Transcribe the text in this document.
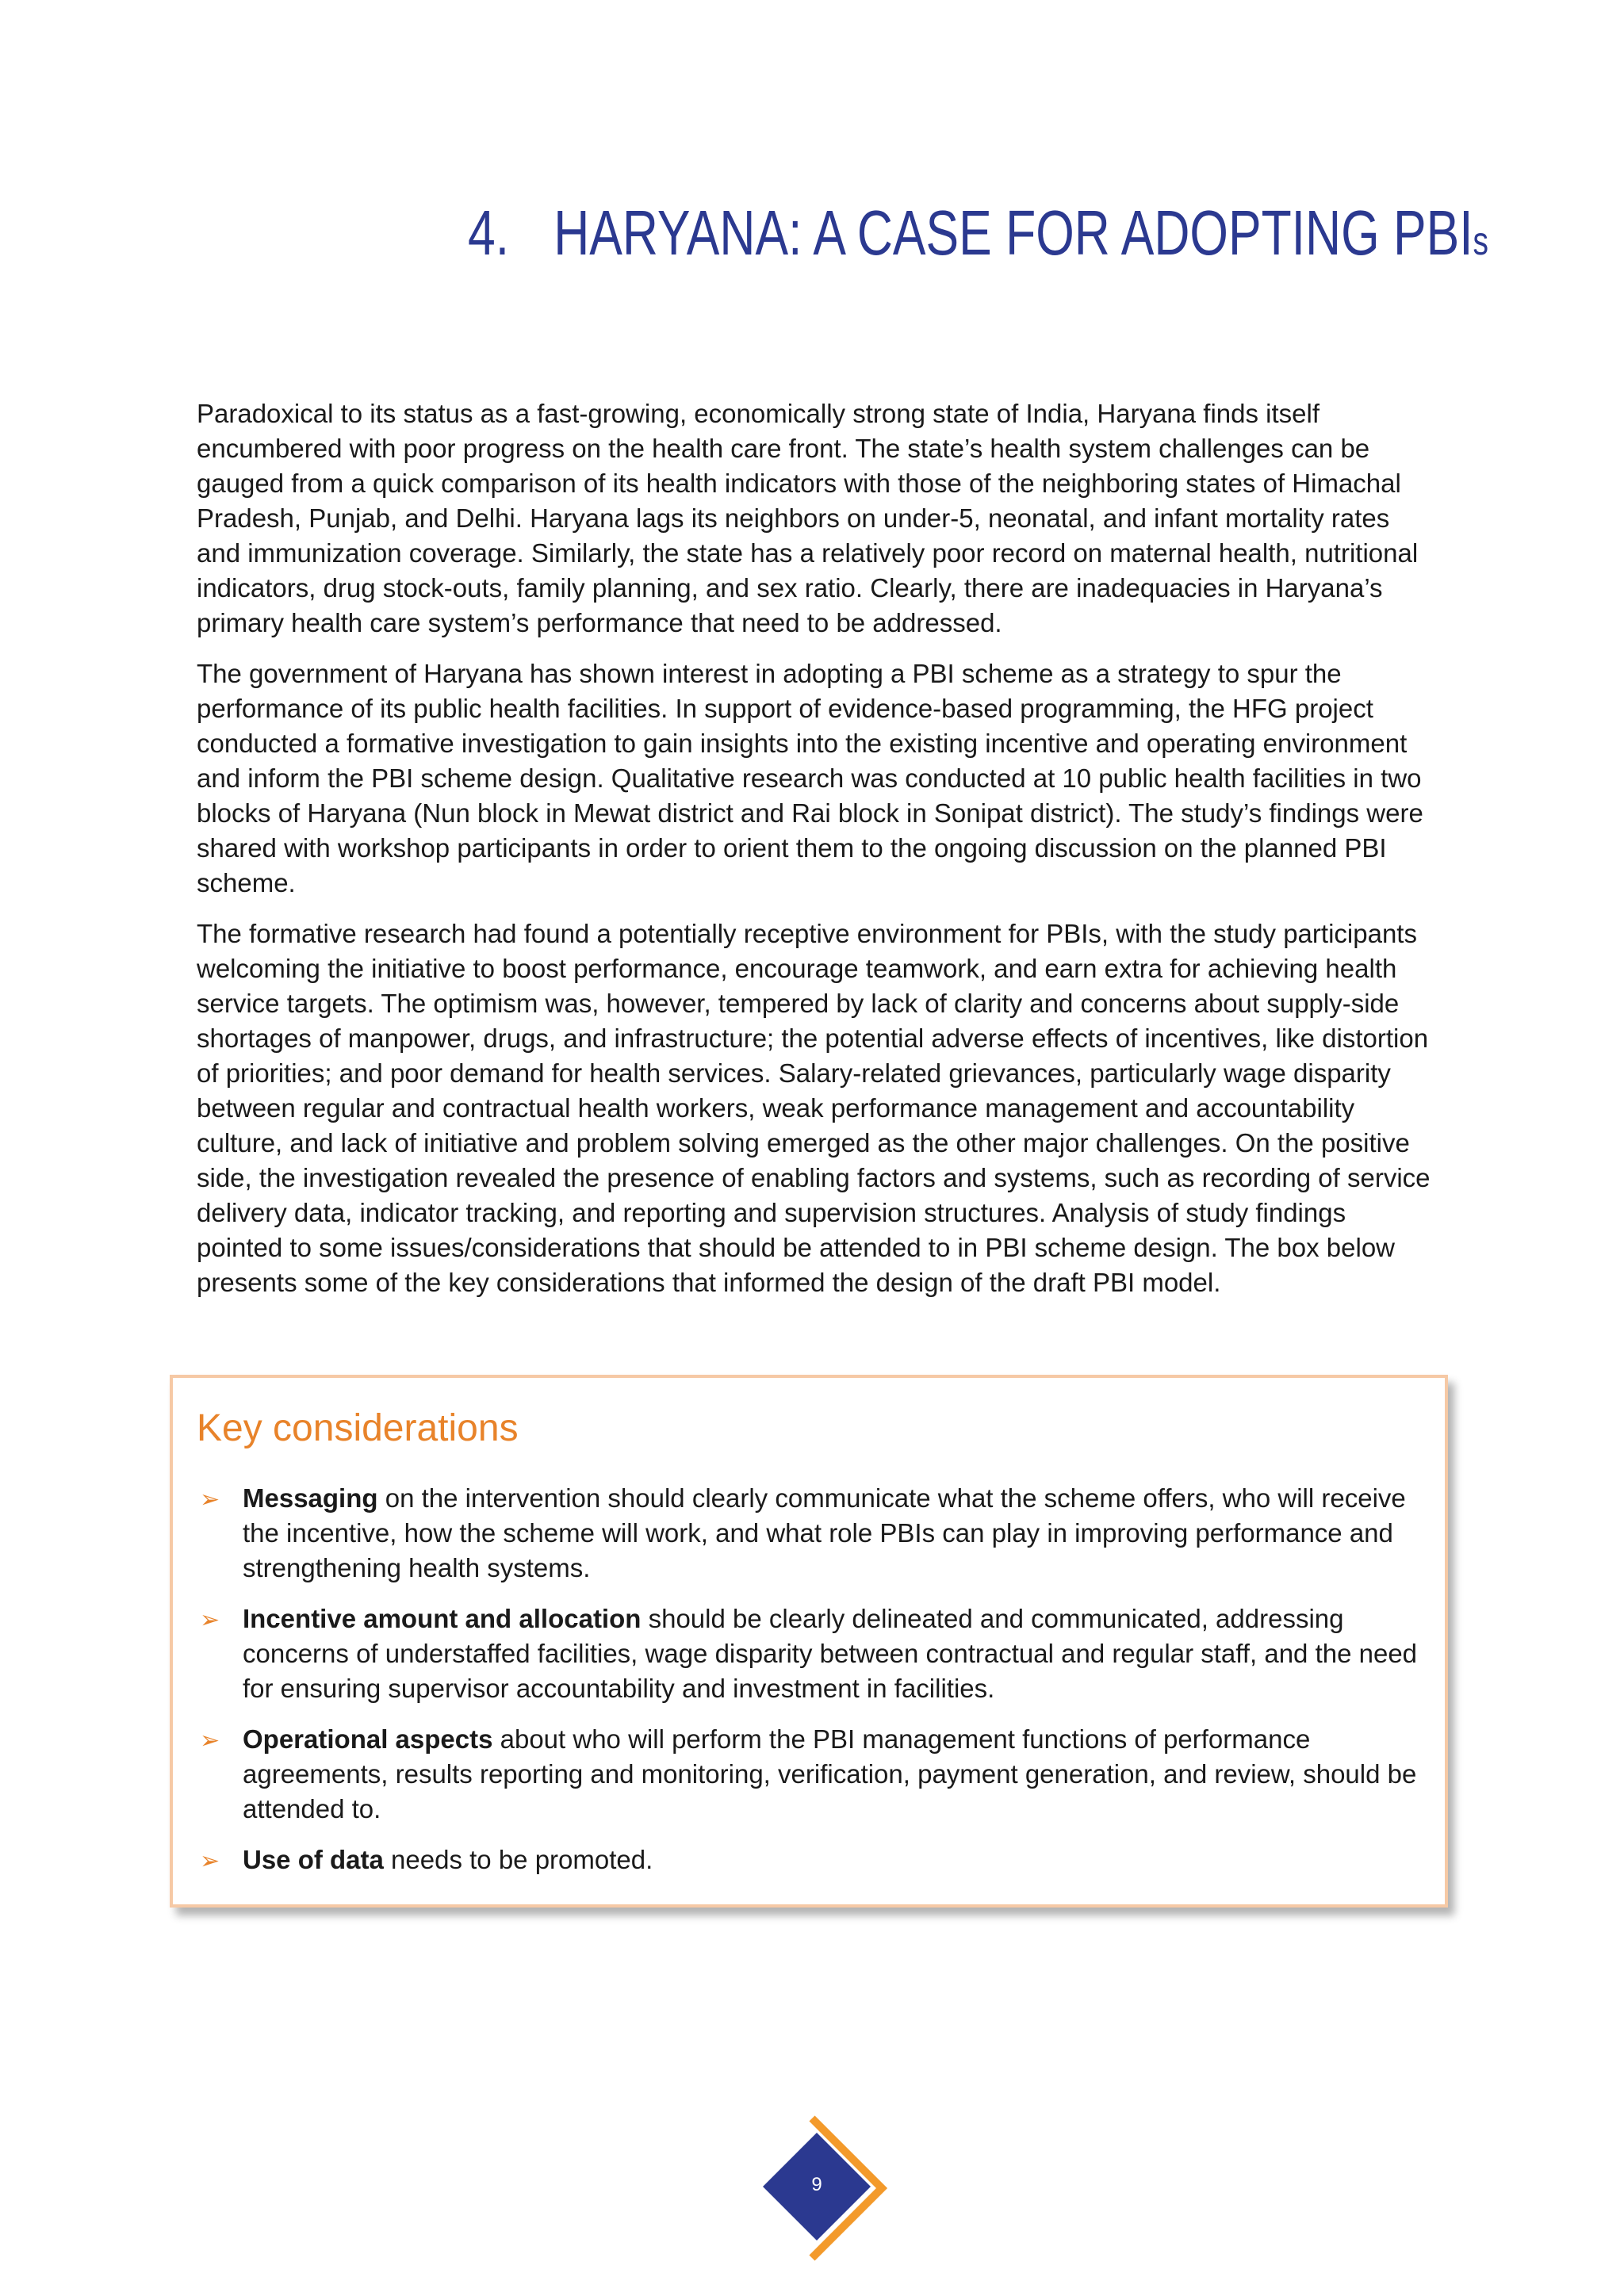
4. HARYANA: A CASE FOR ADOPTING PBIs

Paradoxical to its status as a fast-growing, economically strong state of India, Haryana finds itself encumbered with poor progress on the health care front. The state’s health system challenges can be gauged from a quick comparison of its health indicators with those of the neighboring states of Himachal Pradesh, Punjab, and Delhi. Haryana lags its neighbors on under-5, neonatal, and infant mortality rates and immunization coverage. Similarly, the state has a relatively poor record on maternal health, nutritional indicators, drug stock-outs, family planning, and sex ratio. Clearly, there are inadequacies in Haryana’s primary health care system’s performance that need to be addressed.

The government of Haryana has shown interest in adopting a PBI scheme as a strategy to spur the performance of its public health facilities. In support of evidence-based programming, the HFG project conducted a formative investigation to gain insights into the existing incentive and operating environment and inform the PBI scheme design. Qualitative research was conducted at 10 public health facilities in two blocks of Haryana (Nun block in Mewat district and Rai block in Sonipat district). The study’s findings were shared with workshop participants in order to orient them to the ongoing discussion on the planned PBI scheme.

The formative research had found a potentially receptive environment for PBIs, with the study participants welcoming the initiative to boost performance, encourage teamwork, and earn extra for achieving health service targets. The optimism was, however, tempered by lack of clarity and concerns about supply-side shortages of manpower, drugs, and infrastructure; the potential adverse effects of incentives, like distortion of priorities; and poor demand for health services. Salary-related grievances, particularly wage disparity between regular and contractual health workers, weak performance management and accountability culture, and lack of initiative and problem solving emerged as the other major challenges. On the positive side, the investigation revealed the presence of enabling factors and systems, such as recording of service delivery data, indicator tracking, and reporting and supervision structures. Analysis of study findings pointed to some issues/considerations that should be attended to in PBI scheme design. The box below presents some of the key considerations that informed the design of the draft PBI model.

Key considerations
➢ Messaging on the intervention should clearly communicate what the scheme offers, who will receive the incentive, how the scheme will work, and what role PBIs can play in improving performance and strengthening health systems.
➢ Incentive amount and allocation should be clearly delineated and communicated, addressing concerns of understaffed facilities, wage disparity between contractual and regular staff, and the need for ensuring supervisor accountability and investment in facilities.
➢ Operational aspects about who will perform the PBI management functions of performance agreements, results reporting and monitoring, verification, payment generation, and review, should be attended to.
➢ Use of data needs to be promoted.
9
